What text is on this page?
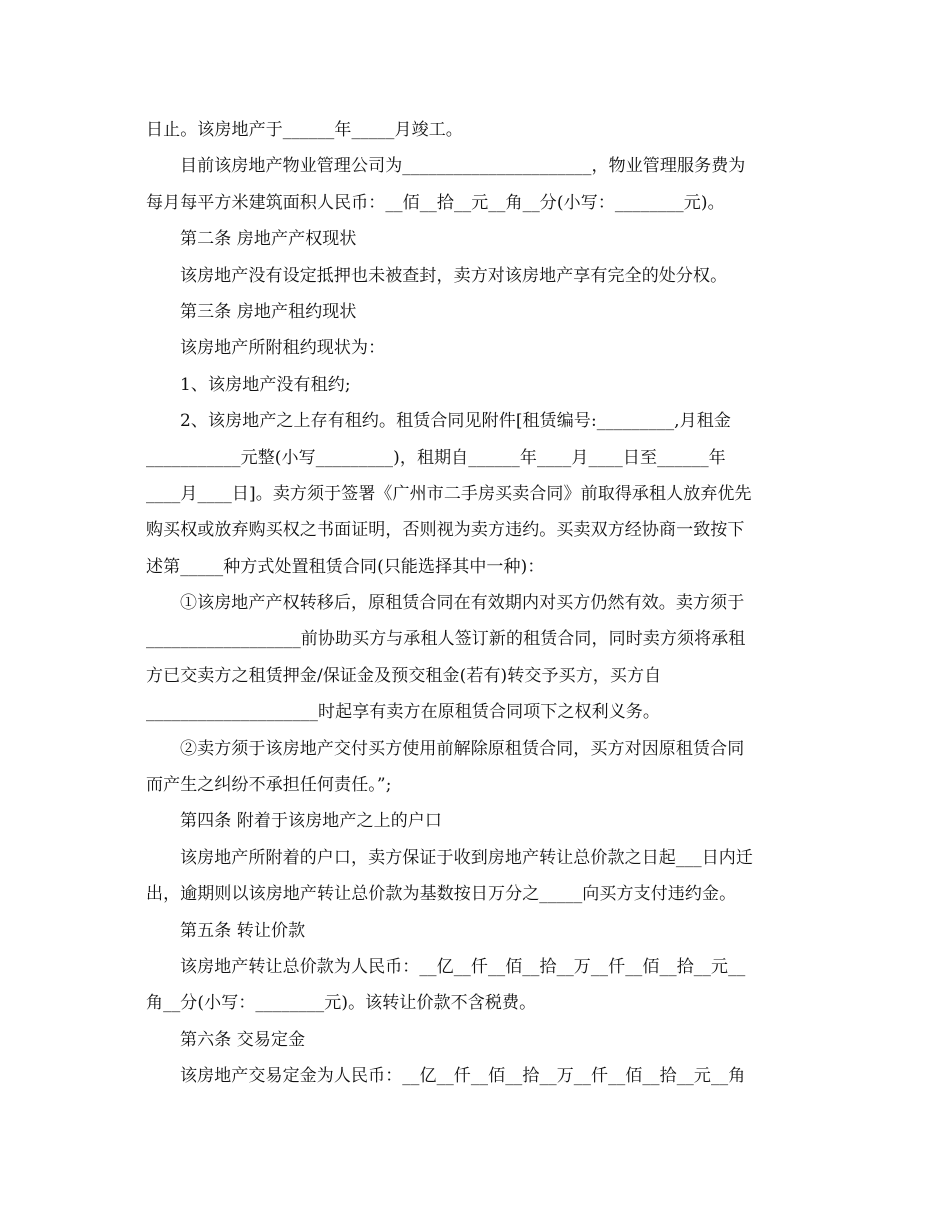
日止。该房地产于______年_____月竣工。
目前该房地产物业管理公司为______________________，物业管理服务费为
每月每平方米建筑面积人民币：__佰__拾__元__角__分(小写：________元)。
第二条 房地产产权现状
该房地产没有设定抵押也未被查封，卖方对该房地产享有完全的处分权。
第三条 房地产租约现状
该房地产所附租约现状为：
1、该房地产没有租约;
2、该房地产之上存有租约。租赁合同见附件[租赁编号:_________,月租金
___________元整(小写_________)，租期自______年____月____日至______年
____月____日]。卖方须于签署《广州市二手房买卖合同》前取得承租人放弃优先
购买权或放弃购买权之书面证明，否则视为卖方违约。买卖双方经协商一致按下
述第_____种方式处置租赁合同(只能选择其中一种)：
①该房地产产权转移后，原租赁合同在有效期内对买方仍然有效。卖方须于
__________________前协助买方与承租人签订新的租赁合同，同时卖方须将承租
方已交卖方之租赁押金/保证金及预交租金(若有)转交予买方，买方自
____________________时起享有卖方在原租赁合同项下之权利义务。
②卖方须于该房地产交付买方使用前解除原租赁合同，买方对因原租赁合同
而产生之纠纷不承担任何责任。”;
第四条 附着于该房地产之上的户口
该房地产所附着的户口，卖方保证于收到房地产转让总价款之日起___日内迁
出，逾期则以该房地产转让总价款为基数按日万分之_____向买方支付违约金。
第五条 转让价款
该房地产转让总价款为人民币：__亿__仟__佰__拾__万__仟__佰__拾__元__
角__分(小写：________元)。该转让价款不含税费。
第六条 交易定金
该房地产交易定金为人民币：__亿__仟__佰__拾__万__仟__佰__拾__元__角
